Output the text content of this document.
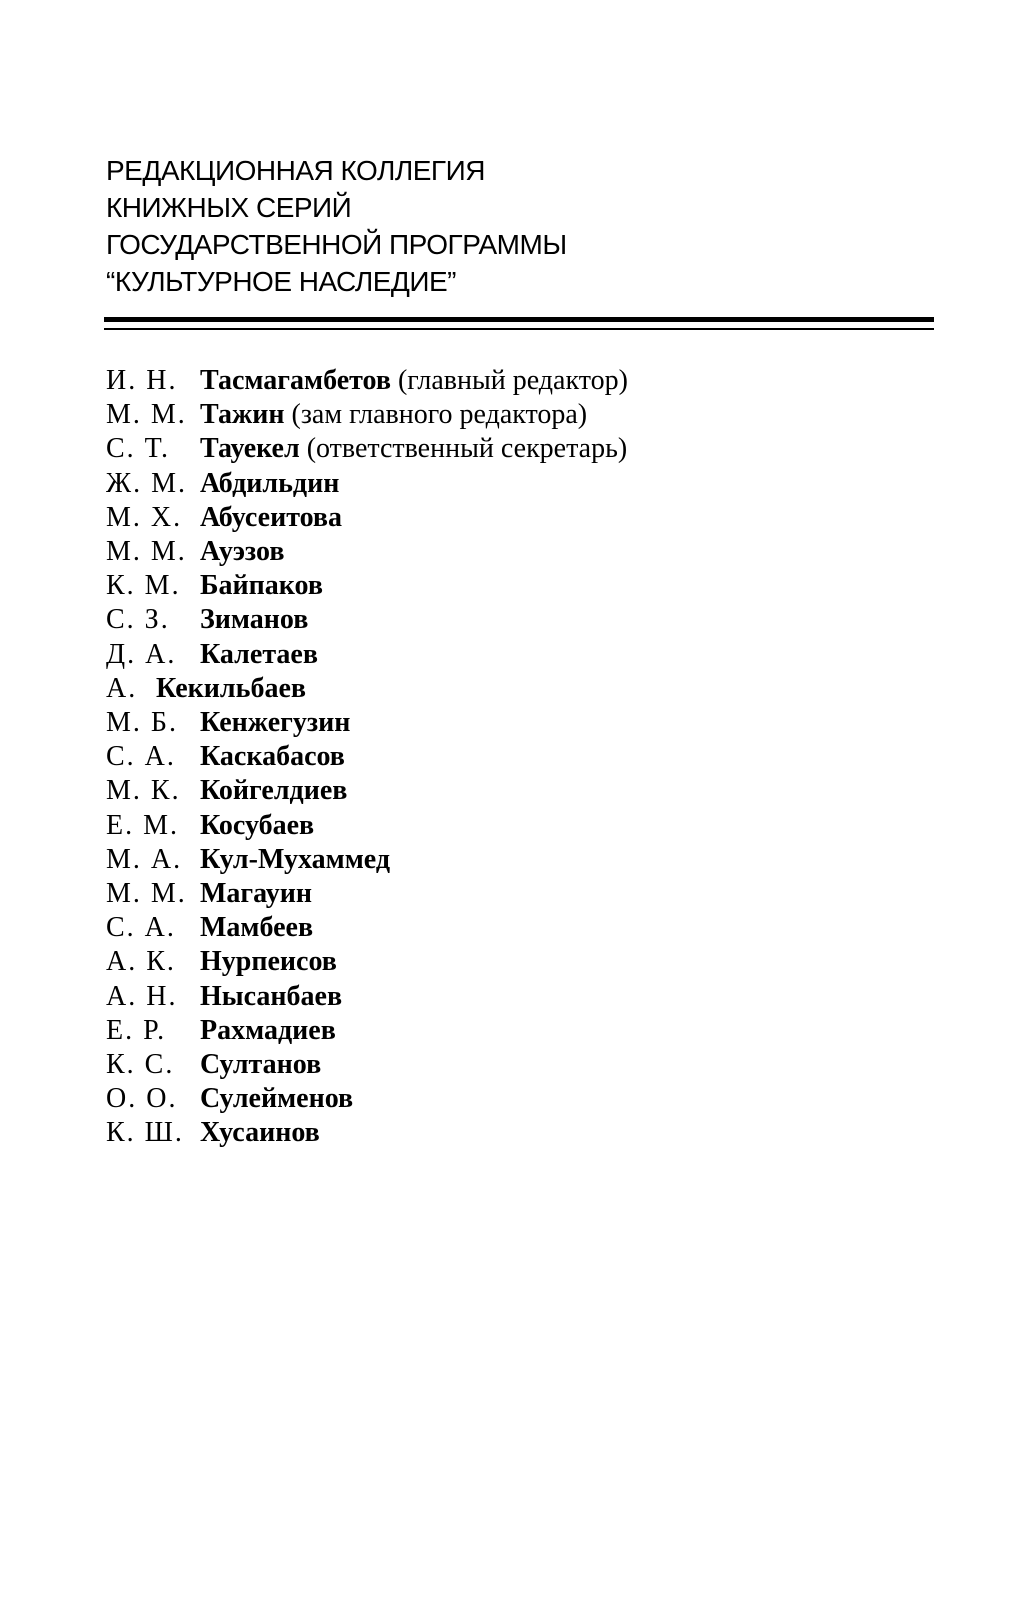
РЕДАКЦИОННАЯ КОЛЛЕГИЯ
КНИЖНЫХ СЕРИЙ
ГОСУДАРСТВЕННОЙ ПРОГРАММЫ
“КУЛЬТУРНОЕ НАСЛЕДИЕ”
И. Н. Тасмагамбетов (главный редактор)
М. М. Тажин (зам главного редактора)
С. Т. Тауекел (ответственный секретарь)
Ж. М. Абдильдин
М. Х. Абусеитова
М. М. Ауэзов
К. М. Байпаков
С. З. Зиманов
Д. А. Калетаев
А. Кекильбаев
М. Б. Кенжегузин
С. А. Каскабасов
М. К. Койгелдиев
Е. М. Косубаев
М. А. Кул-Мухаммед
М. М. Магауин
С. А. Мамбеев
А. К. Нурпеисов
А. Н. Нысанбаев
Е. Р. Рахмадиев
К. С. Султанов
О. О. Сулейменов
К. Ш. Хусаинов
